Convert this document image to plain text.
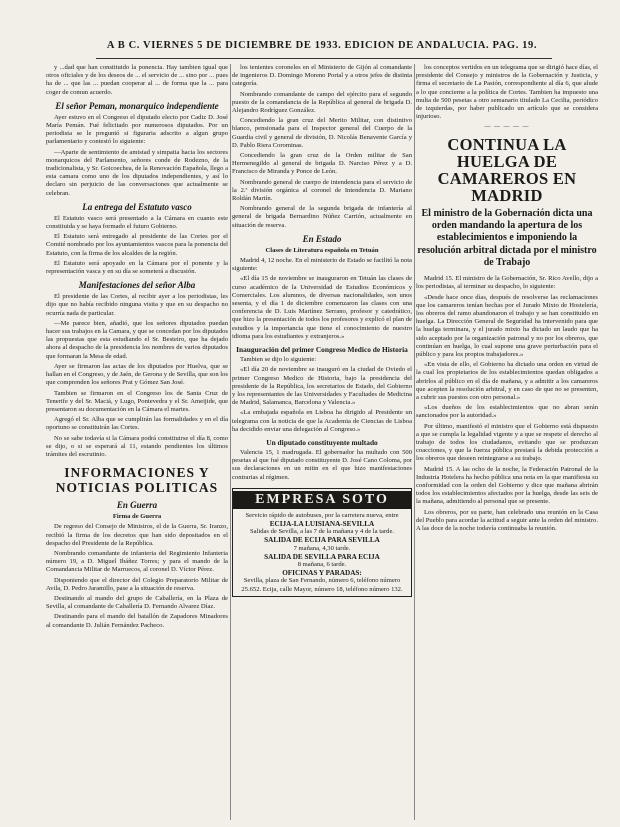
A B C. VIERNES 5 DE DICIEMBRE DE 1933. EDICION DE ANDALUCIA. PAG. 19.

y ...dad que han constituido la ponencia. Hay tambien igual que otros oficiales y de los deseos de ... el servicio de ... sino por ... pues ha de ... que las ... puedan cooperar al ... de forma que la ... para coger de comun acuerdo.

El señor Peman, monarquico independiente

Ayer estuvo en el Congreso el diputado electo por Cadiz D. José María Pemán. Fué felicitado por numerosos diputados. Por un periodista se le preguntó si figuraria adscrito a algun grupo parlamentario y contestó lo siguiente:

—Aparte de sentimiento de amistad y simpatia hacia los sectores monarquicos del Parlamento, señores conde de Rodezno, de la tradicionalista, y Sr. Goicoechea, de la Renovación Española, llego a esta camara como uno de los diputados independientes, y así lo declaro sin perjuicio de las conversaciones que actualmente se celebran.

La entrega del Estatuto vasco

El Estatuto vasco será presentado a la Cámara en cuanto este constituida y se haya formado el futuro Gobierno.

El Estatuto será entregado al presidente de las Cortes por el Comité nombrado por los ayuntamientos vascos para la ponencia del Estatuto, con la firma de los alcaldes de la región.

El Estatuto será apoyado en la Cámara por el ponente y la representación vasca y en su día se someterá a discusión.

Manifestaciones del señor Alba

El presidente de las Cortes, al recibir ayer a los periodistas, les dijo que no había recibido ninguna visita y que en su despacho no ocurría nada de particular.

—Me parece bien, añadió, que los señores diputados puedan hacer sus trabajos en la Camara, y que se concedan por los diputados las propuestas que esta estudiando el Sr. Besteiro, que ha dejado ahora al despacho de la presidencia los nombres de varios diputados que formaran la Mesa de edad.

Ayer se firmaron las actas de los diputados por Huelva, que se hallan en el Congreso, y de Jaén, de Gerona y de Sevilla, que son los que comprenden los señores Prat y Gómez San José.

Tambien se firmaron en el Congreso los de Santa Cruz de Tenerife y del Sr. Maciá, y Lugo, Pontevedra y el Sr. Ameijide, que presentaron su documentación en la Cámara el martes.

Agregó el Sr. Alba que se cumplirán las formalidades y en el día oportuno se constituirán las Cortes.

No se sabe todavía si la Cámara podrá constituirse el día 8, como se dijo, o si se esperará al 11, estando pendientes los últimos trámites del escrutinio.

INFORMACIONES Y NOTICIAS POLITICAS
En Guerra
Firma de Guerra

De regreso del Consejo de Ministros, el de la Guerra, Sr. Iranzo, recibió la firma de los decretos que han sido depositados en el despacho del Presidente de la República.

Nombrando comandante de infanteria del Regimiento Infanteria número 19, a D. Miguel Ibáñez Torres; y para el mando de la Comandancia Militar de Marruecos, al coronel D. Víctor Pérez.

Disponiendo que el director del Colegio Preparatorio Militar de Avila, D. Pedro Jaramillo, pase a la situación de reserva.

Destinando al mando del grupo de Caballería, en la Plaza de Sevilla, al comandante de Caballería D. Fernando Alvarez Díaz.

Destinando para el mando del batallón de Zapadores Minadores al comandante D. Julián Fernández Pacheco.

los tenientes coroneles en el Ministerio de Gijón al comandante de ingenieros D. Domingo Moreno Portal y a otros jefes de distinta categoría.

Nombrando comandante de campo del ejército para el segundo puesto de la comandancia de la República al general de brigada D. Alejandro Rodríguez González.

Concediendo la gran cruz del Merito Militar, con distintivo blanco, pensionada para el Inspector general del Cuerpo de la Guardia civil y general de división, D. Nicolás Benavente García y D. Pablo Riera Corominas.

Concediendo la gran cruz de la Orden militar de San Hermenegildo al general de brigada D. Narciso Pérez y a D. Francisco de Miranda y Ponce de León.

Nombrando general de cuerpo de intendencia para el servicio de la 2.ª división orgánica al coronel de Intendencia D. Mariano Roldán Martín.

Nombrando general de la segunda brigada de infantería al general de brigada Bernardino Núñez Carrión, actualmente en situación de reserva.

En Estado
Clases de Literatura española en Tetuán

Madrid 4, 12 noche. En el ministerio de Estado se facilitó la nota siguiente:

«El día 15 de noviembre se inauguraron en Tetuán las clases de curso académico de la Universidad de Estudios Económicos y Comerciales. Los alumnos, de diversas nacionalidades, son unos sesenta, y el día 1 de diciembre comenzaron las clases con una conferencia de D. Luis Martínez Serrano, profesor y catedrático, que hizo la presentación de todos los profesores y explicó el plan de estudios y la importancia que tiene el conocimiento de nuestro idioma para los estudiantes y extranjeros.»

Inauguración del primer Congreso Medico de Historia

Tambien se dijo lo siguiente:

«El día 20 de noviembre se inauguró en la ciudad de Oviedo el primer Congreso Medico de Historia, bajo la presidencia del presidente de la República, los secretarios de Estado, del Gobierno y los representantes de las Universidades y Facultades de Medicina de Madrid, Salamanca, Barcelona y Valencia.»

«La embajada española en Lisboa ha dirigido al Presidente un telegrama con la noticia de que la Academia de Ciencias de Lisboa ha decidido enviar una delegación al Congreso.»

Un diputado constituyente multado

Valencia 15, 1 madrugada. El gobernador ha multado con 500 pesetas al que fué diputado constituyente D. José Cano Coloma, por sus declaraciones en un mitin en el que hizo manifestaciones contrarias al régimen.

EMPRESA SOTO
Servicio rápido de autobuses, por la carretera nueva, entre
ECIJA-LA LUISIANA-SEVILLA
Salidas de Sevilla, a las 7 de la mañana y 4 de la tarde.
SALIDA DE ECIJA PARA SEVILLA
7 mañana, 4,30 tarde.
SALIDA DE SEVILLA PARA ECIJA
8 mañana, 6 tarde.
OFICINAS Y PARADAS:
Sevilla, plaza de San Fernando, número 6, teléfono número 25.652. Ecija, calle Mayor, número 18, teléfono número 132.

los conceptos vertidos en un telegrama que se dirigió hace días, el presidente del Consejo y ministros de la Gobernación y Justicia, y firma el secretario de La Pasión, correspondiente al día 6, que alude a lo que concierne a la política de Cortes. Tambien ha impuesto una multa de 500 pesetas a otro semanario titulado La Cecilia, periódico de izquierdas, por haber publicado un artículo que se considera injurioso.

— — — — —
CONTINUA LA HUELGA DE CAMAREROS EN MADRID
El ministro de la Gobernación dicta una orden mandando la apertura de los establecimientos e imponiendo la resolución arbitral dictada por el ministro de Trabajo

Madrid 15. El ministro de la Gobernación, Sr. Rico Avello, dijo a los periodistas, al terminar su despacho, lo siguiente:

«Desde hace once días, después de resolverse las reclamaciones que los camareros tenían hechas por el Jurado Mixto de Hostelería, los obreros del ramo abandonaron el trabajo y se han constituido en huelga. La Dirección General de Seguridad ha intervenido para que la huelga terminara, y el jurado mixto ha dictado un laudo que ha sido aceptado por la organización patronal y no por los obreros, que continúan en huelga, lo cual supone una grave perturbación para el público y para los propios trabajadores.»

«En vista de ello, el Gobierno ha dictado una orden en virtud de la cual los propietarios de los establecimientos quedan obligados a abrirlos al público en el día de mañana, y a admitir a los camareros que acepten la resolución arbitral, y en caso de que no se presenten, a cubrir sus puestos con otro personal.»

«Los dueños de los establecimientos que no abran serán sancionados por la autoridad.»

Por último, manifestó el ministro que el Gobierno está dispuesto a que se cumpla la legalidad vigente y a que se respete el derecho al trabajo de todos los ciudadanos, evitando que se produzcan coacciones, y que la fuerza pública prestará la debida protección a los obreros que deseen reintegrarse a su trabajo.

Madrid 15. A las ocho de la noche, la Federación Patronal de la Industria Hotelera ha hecho pública una nota en la que manifiesta su conformidad con la orden del Gobierno y dice que mañana abrirán todos los establecimientos afectados por la huelga, desde las seis de la mañana, admitiendo al personal que se presente.

Los obreros, por su parte, han celebrado una reunión en la Casa del Pueblo para acordar la actitud a seguir ante la orden del ministro. A las doce de la noche todavía continuaba la reunión.
